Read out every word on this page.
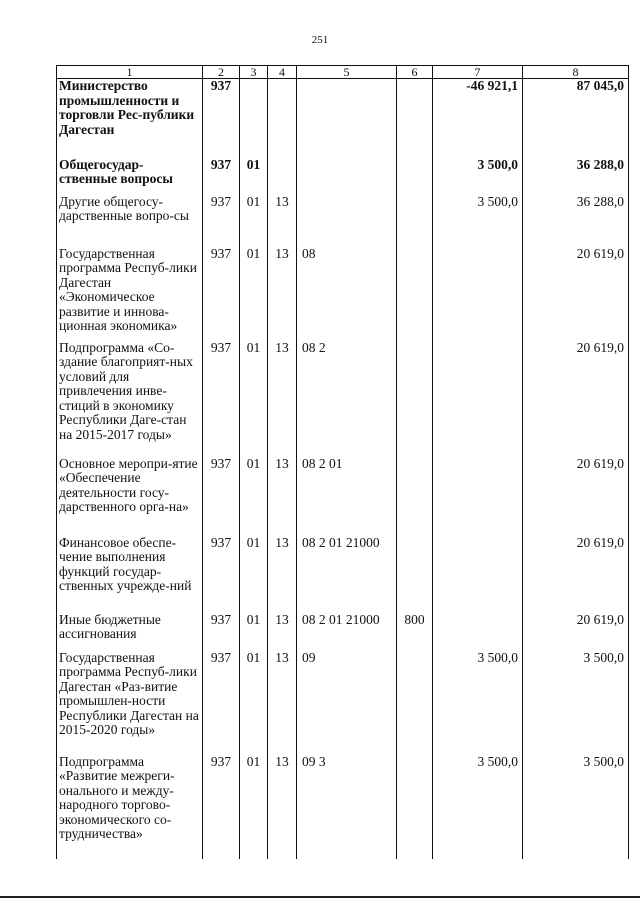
251
1	2	3	4	5	6	7	8
Министерство промышленности и торговли Рес-публики Дагестан	937					-46 921,1	87 045,0
Общегосудар-ственные вопросы	937	01				3 500,0	36 288,0
Другие общегосу-дарственные вопро-сы	937	01	13			3 500,0	36 288,0
Государственная программа Респуб-лики Дагестан «Экономическое развитие и иннова-ционная экономика»	937	01	13	08			20 619,0
Подпрограмма «Со-здание благоприят-ных условий для привлечения инве-стиций в экономику Республики Даге-стан на 2015-2017 годы»	937	01	13	08 2			20 619,0
Основное меропри-ятие «Обеспечение деятельности госу-дарственного орга-на»	937	01	13	08 2 01			20 619,0
Финансовое обеспе-чение выполнения функций государ-ственных учрежде-ний	937	01	13	08 2 01 21000			20 619,0
Иные бюджетные ассигнования	937	01	13	08 2 01 21000	800		20 619,0
Государственная программа Респуб-лики Дагестан «Раз-витие промышлен-ности Республики Дагестан на 2015-2020 годы»	937	01	13	09		3 500,0	3 500,0
Подпрограмма «Развитие межреги-онального и между-народного торгово-экономического со-трудничества»	937	01	13	09 3		3 500,0	3 500,0
